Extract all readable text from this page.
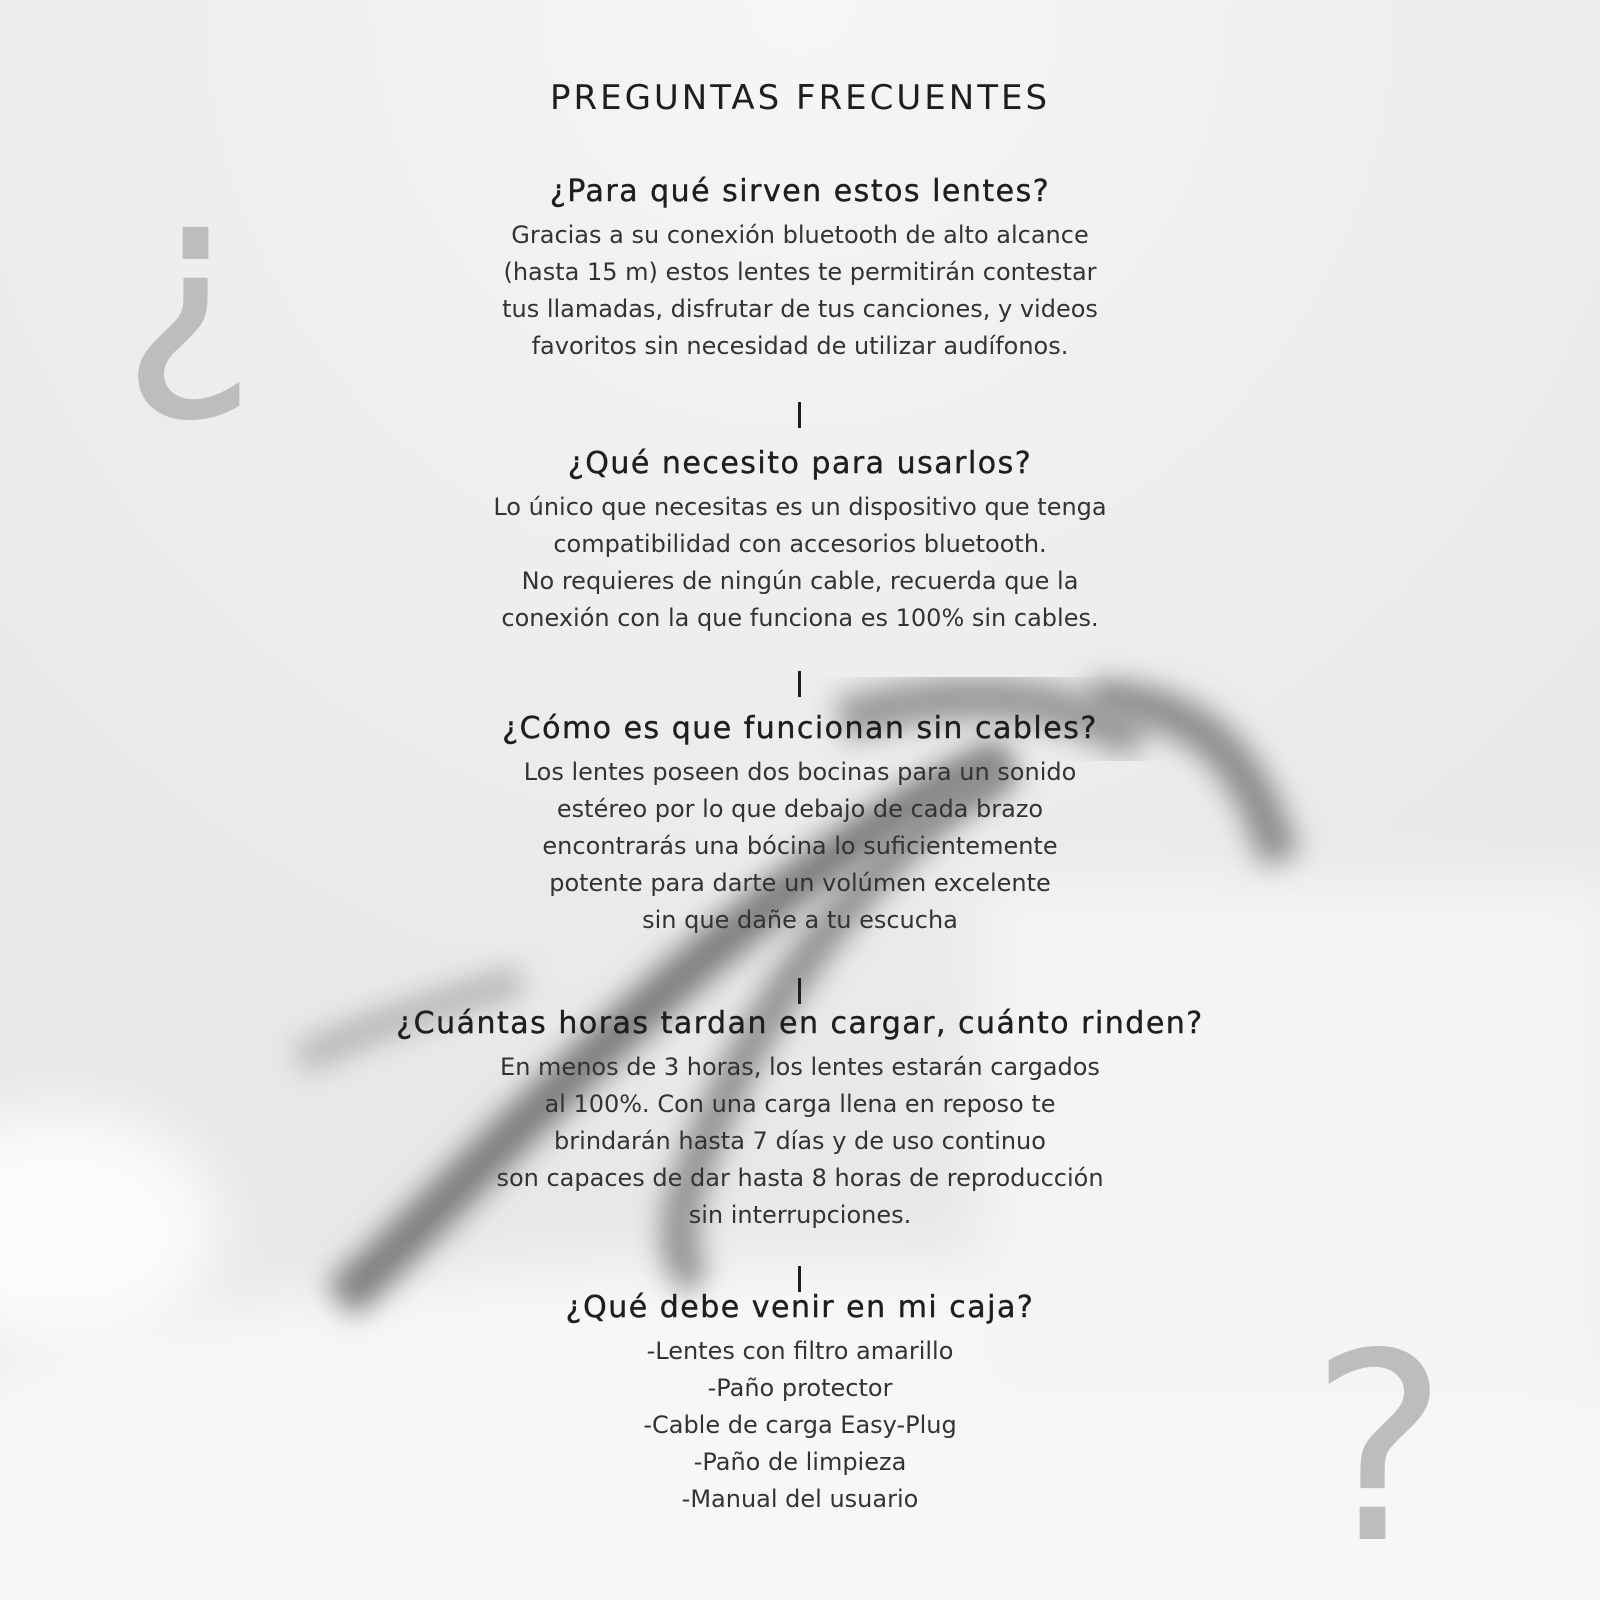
¿
?
PREGUNTAS FRECUENTES
¿Para qué sirven estos lentes?

Gracias a su conexión bluetooth de alto alcance

(hasta 15 m) estos lentes te permitirán contestar

tus llamadas, disfrutar de tus canciones, y videos

favoritos sin necesidad de utilizar audífonos.

¿Qué necesito para usarlos?

Lo único que necesitas es un dispositivo que tenga

compatibilidad con accesorios bluetooth.

No requieres de ningún cable, recuerda que la

conexión con la que funciona es 100% sin cables.

¿Cómo es que funcionan sin cables?

Los lentes poseen dos bocinas para un sonido

estéreo por lo que debajo de cada brazo

encontrarás una bócina lo suficientemente

potente para darte un volúmen excelente

sin que dañe a tu escucha

¿Cuántas horas tardan en cargar, cuánto rinden?

En menos de 3 horas, los lentes estarán cargados

al 100%. Con una carga llena en reposo te

brindarán hasta 7 días y de uso continuo

son capaces de dar hasta 8 horas de reproducción

sin interrupciones.

¿Qué debe venir en mi caja?

-Lentes con filtro amarillo

-Paño protector

-Cable de carga Easy-Plug

-Paño de limpieza

-Manual del usuario
